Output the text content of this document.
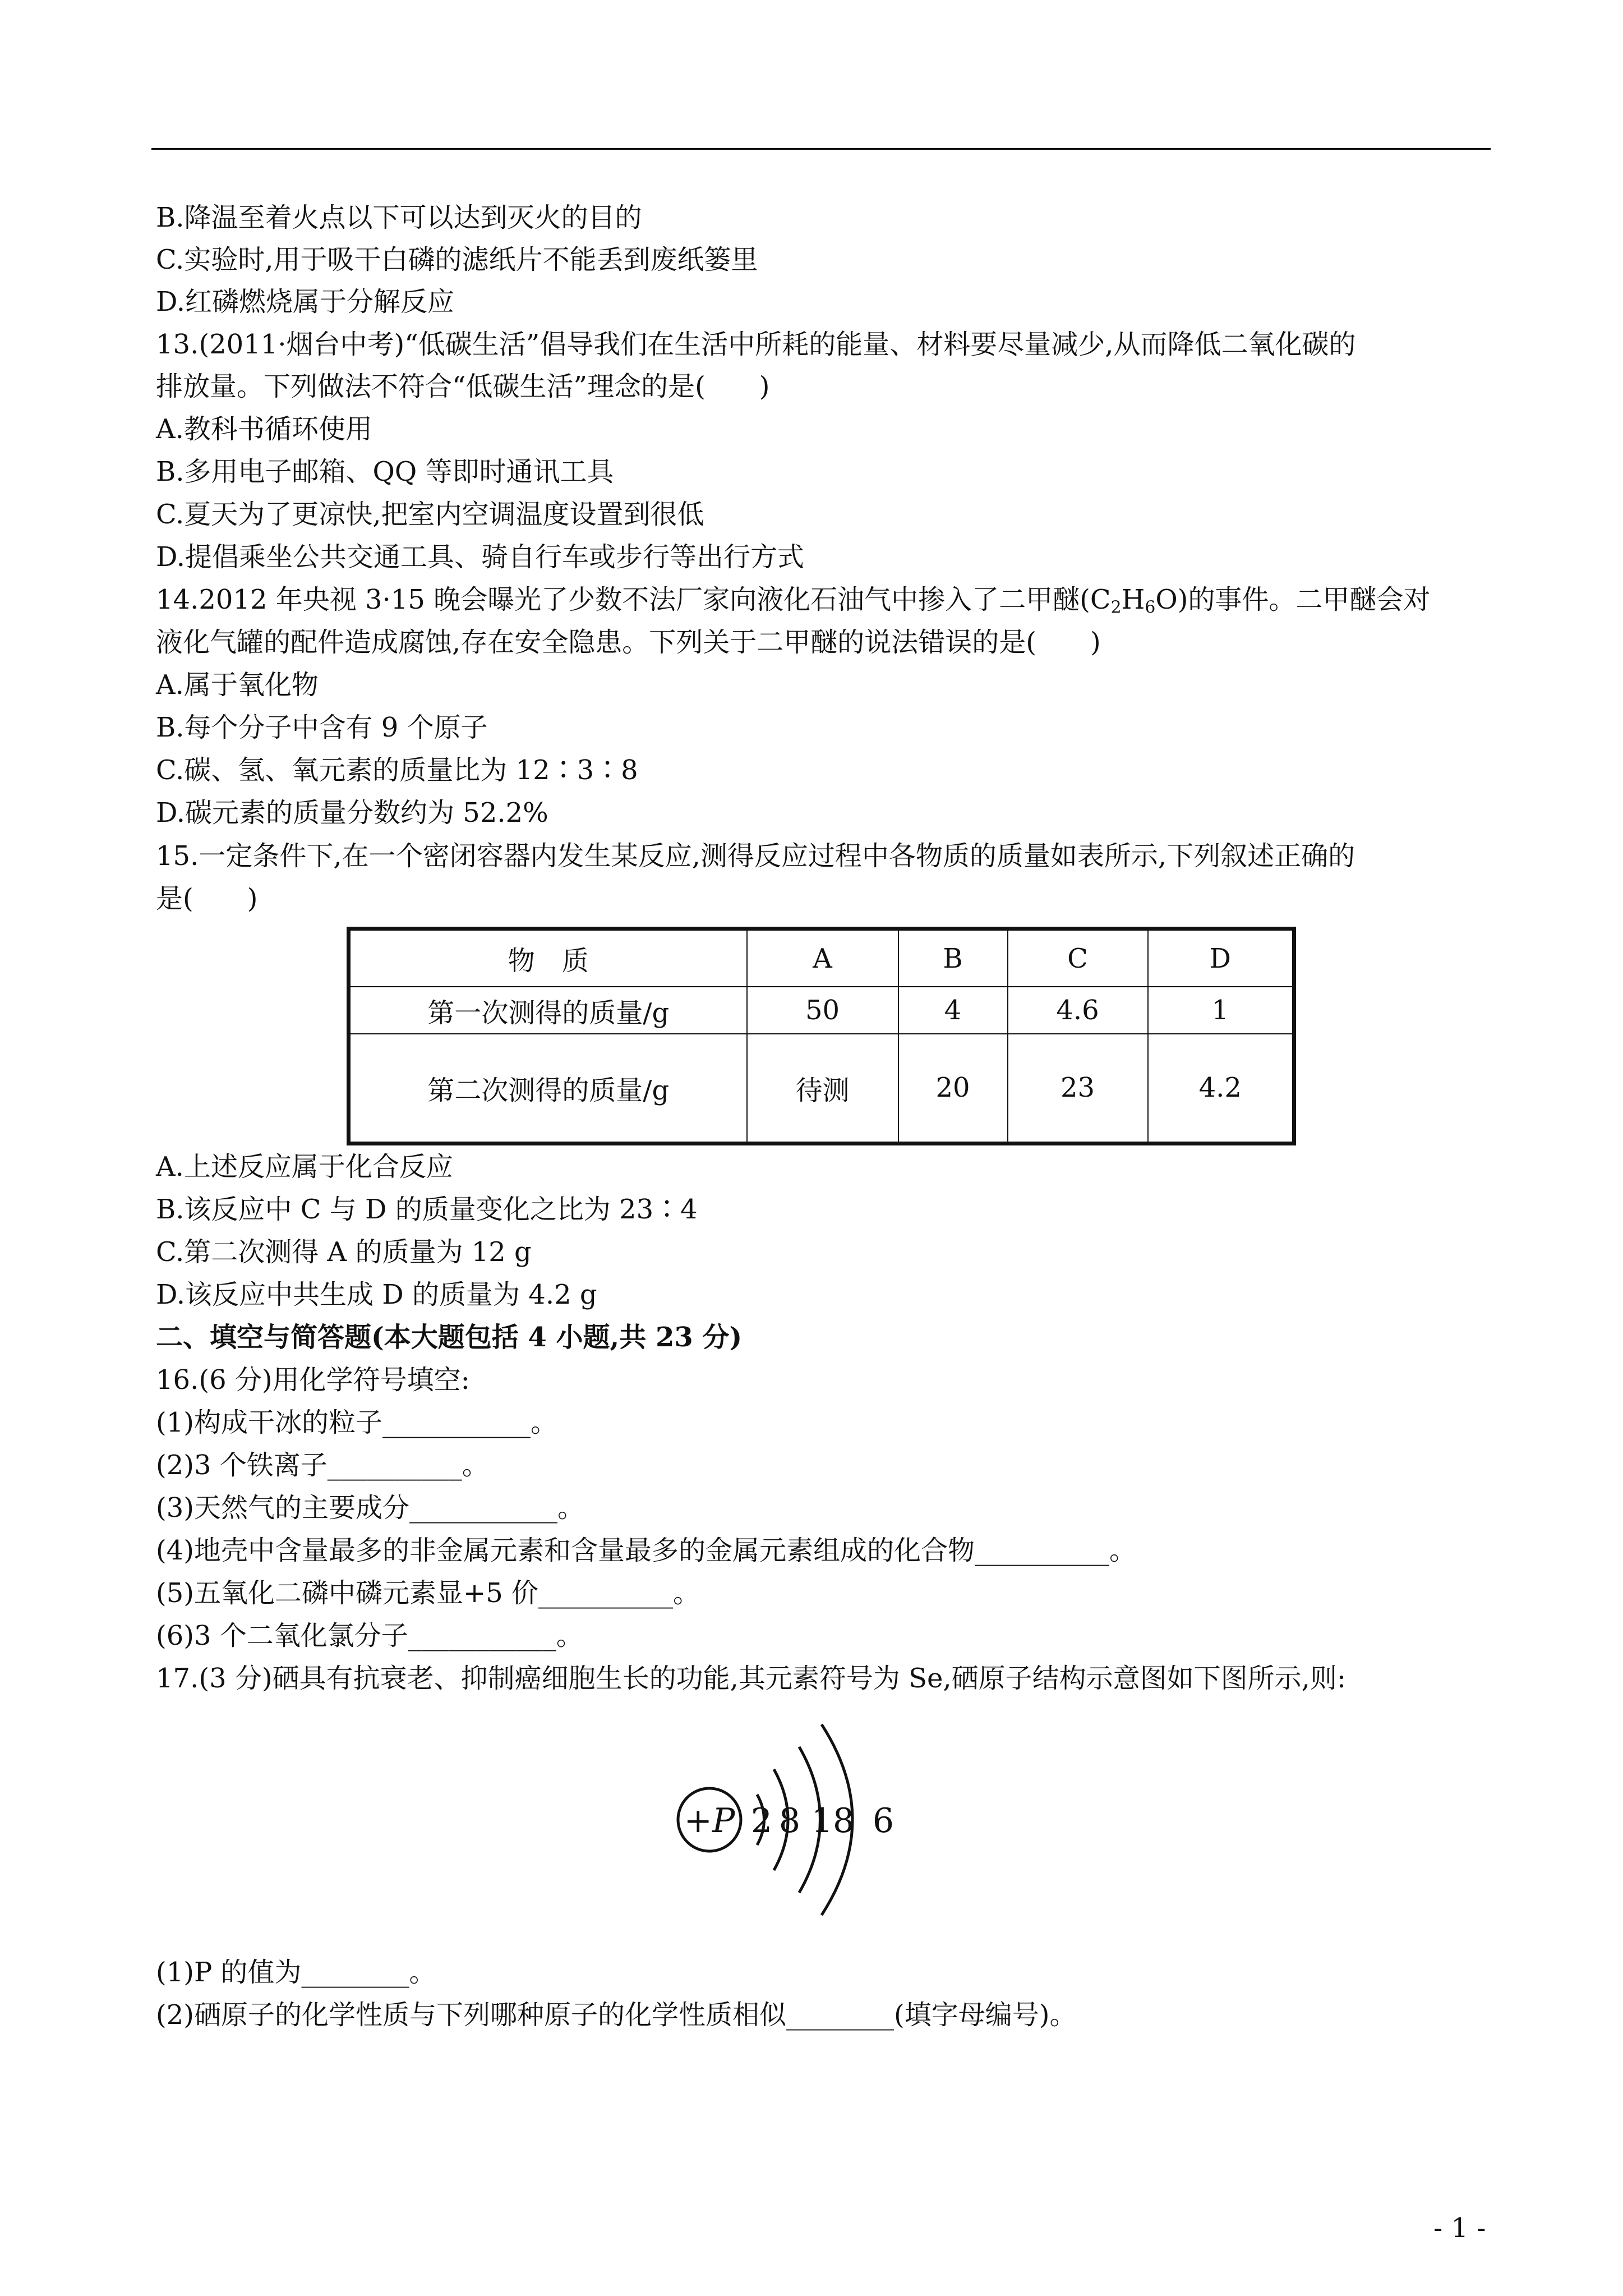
B.降温至着火点以下可以达到灭火的目的
C.实验时,用于吸干白磷的滤纸片不能丢到废纸篓里
D.红磷燃烧属于分解反应
13.(2011·烟台中考)“低碳生活”倡导我们在生活中所耗的能量、材料要尽量减少,从而降低二氧化碳的
排放量。下列做法不符合“低碳生活”理念的是(　　)
A.教科书循环使用
B.多用电子邮箱、QQ 等即时通讯工具
C.夏天为了更凉快,把室内空调温度设置到很低
D.提倡乘坐公共交通工具、骑自行车或步行等出行方式
14.2012 年央视 3·15 晚会曝光了少数不法厂家向液化石油气中掺入了二甲醚$(C_2H_6O)$的事件。二甲醚会对
液化气罐的配件造成腐蚀,存在安全隐患。下列关于二甲醚的说法错误的是(　　)
A.属于氧化物
B.每个分子中含有 9 个原子
C.碳、氢、氧元素的质量比为 12∶3∶8
D.碳元素的质量分数约为 52.2%
15.一定条件下,在一个密闭容器内发生某反应,测得反应过程中各物质的质量如表所示,下列叙述正确的
是(　　)
物　质	A	B	C	D
第一次测得的质量/g	50	4	4.6	1
第二次测得的质量/g	待测	20	23	4.2
A.上述反应属于化合反应
B.该反应中 C 与 D 的质量变化之比为 23∶4
C.第二次测得 A 的质量为 12 g
D.该反应中共生成 D 的质量为 4.2 g
二、填空与简答题(本大题包括 4 小题,共 23 分)
16.(6 分)用化学符号填空:
(1)构成干冰的粒子___________。
(2)3 个铁离子__________。
(3)天然气的主要成分___________。
(4)地壳中含量最多的非金属元素和含量最多的金属元素组成的化合物__________。
(5)五氧化二磷中磷元素显+5 价__________。
(6)3 个二氧化氯分子___________。
17.(3 分)硒具有抗衰老、抑制癌细胞生长的功能,其元素符号为 Se,硒原子结构示意图如下图所示,则:
+P 2 8 18 6
(1)P 的值为________。
(2)硒原子的化学性质与下列哪种原子的化学性质相似________(填字母编号)。
- 1 -
